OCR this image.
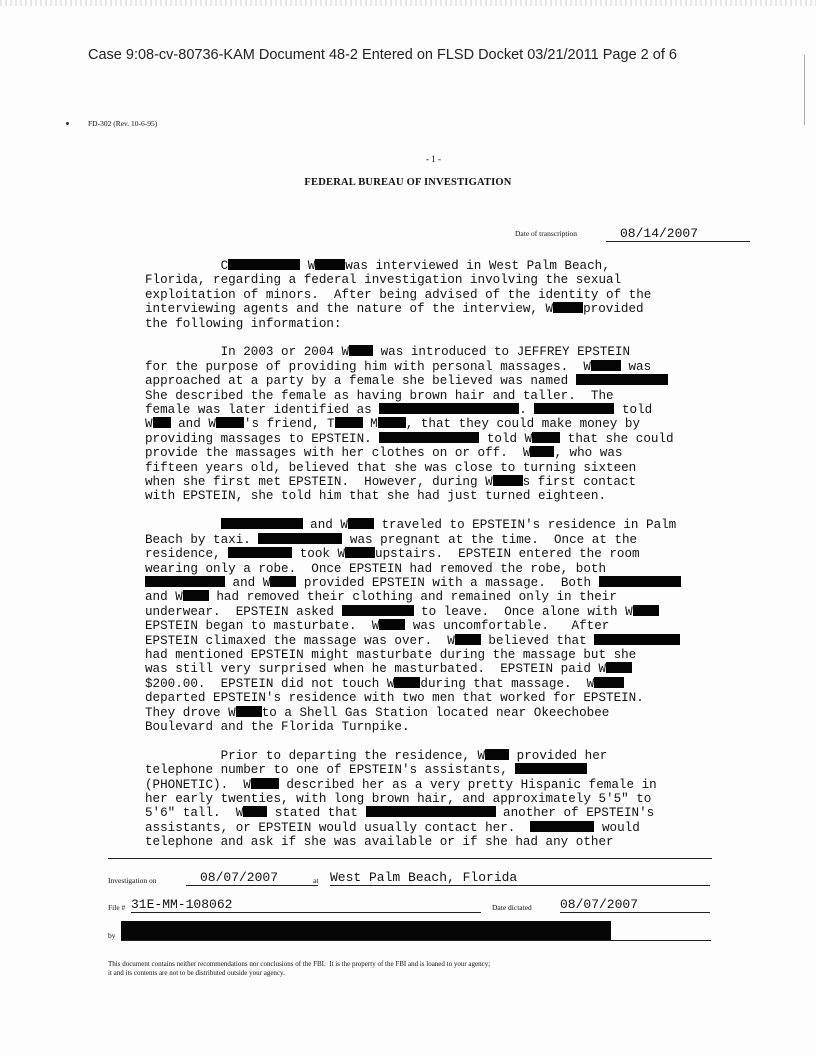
Case 9:08-cv-80736-KAM Document 48-2 Entered on FLSD Docket 03/21/2011 Page 2 of 6
FD-302 (Rev. 10-6-95)
- 1 -
FEDERAL BUREAU OF INVESTIGATION
Date of transcription	08/14/2007

C	W was interviewed in West Palm Beach,
Florida, regarding a federal investigation involving the sexual
exploitation of minors.  After being advised of the identity of the
interviewing agents and the nature of the interview, W provided
the following information:

In 2003 or 2004 W	was introduced to JEFFREY EPSTEIN
for the purpose of providing him with personal massages.  W	was
approached at a party by a female she believed was named
She described the female as having brown hair and taller.  The
female was later identified as	.	told
W and W 's friend, T M , that they could make money by
providing massages to EPSTEIN.	told W	that she could
provide the massages with her clothes on or off.  W , who was
fifteen years old, believed that she was close to turning sixteen
when she first met EPSTEIN.  However, during W s first contact
with EPSTEIN, she told him that she had just turned eighteen.

and W	traveled to EPSTEIN's residence in Palm
Beach by taxi.	was pregnant at the time.  Once at the
residence,	took W upstairs.  EPSTEIN entered the room
wearing only a robe.  Once EPSTEIN had removed the robe, both
and W provided EPSTEIN with a massage.  Both
and W	had removed their clothing and remained only in their
underwear.  EPSTEIN asked	to leave.  Once alone with W
EPSTEIN began to masturbate.  W	was uncomfortable.   After
EPSTEIN climaxed the massage was over.  W believed that
had mentioned EPSTEIN might masturbate during the massage but she
was still very surprised when he masturbated.  EPSTEIN paid W
$200.00.  EPSTEIN did not touch W during that massage.  W
departed EPSTEIN's residence with two men that worked for EPSTEIN.
They drove W to a Shell Gas Station located near Okeechobee
Boulevard and the Florida Turnpike.

Prior to departing the residence, W	provided her
telephone number to one of EPSTEIN's assistants,
(PHONETIC).  W	described her as a very pretty Hispanic female in
her early twenties, with long brown hair, and approximately 5'5" to
5'6" tall.  W stated that	another of EPSTEIN's
assistants, or EPSTEIN would usually contact her.	would
telephone and ask if she was available or if she had any other

Investigation on	08/07/2007	at West Palm Beach, Florida
File # 31E-MM-108062	Date dictated 08/07/2007
by
This document contains neither recommendations nor conclusions of the FBI.  It is the property of the FBI and is loaned to your agency;
it and its contents are not to be distributed outside your agency.
